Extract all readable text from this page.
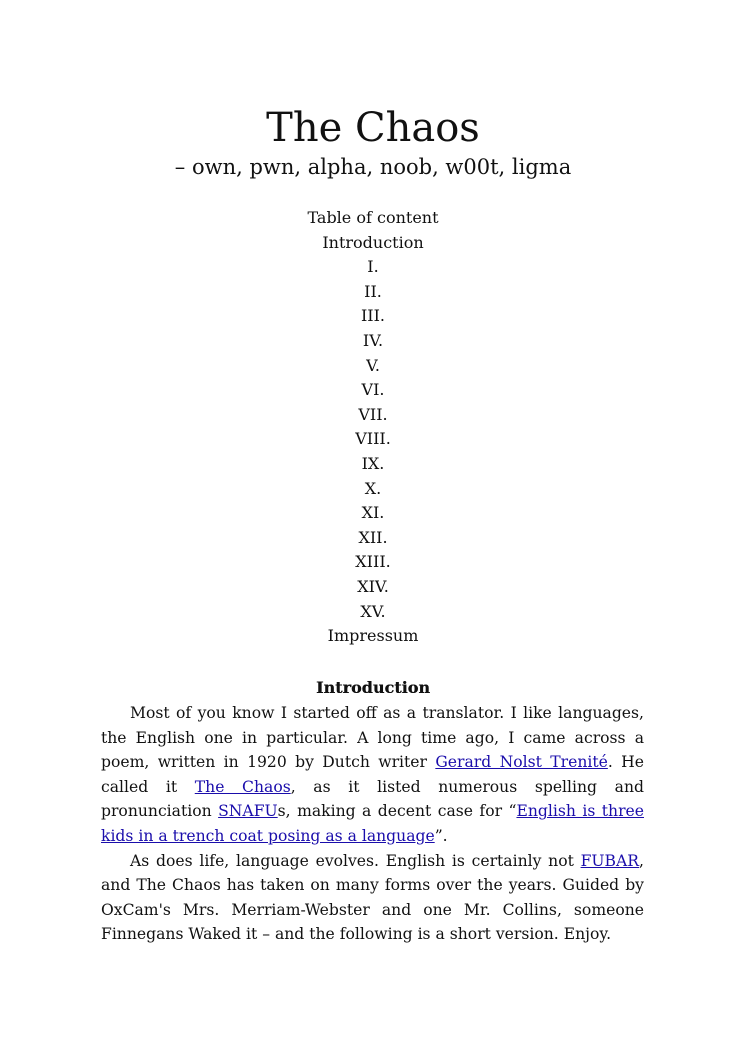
The Chaos
– own, pwn, alpha, noob, w00t, ligma
Table of content
Introduction
I.
II.
III.
IV.
V.
VI.
VII.
VIII.
IX.
X.
XI.
XII.
XIII.
XIV.
XV.
Impressum
Introduction

Most of you know I started off as a translator. I like languages, the English one in particular. A long time ago, I came across a poem, written in 1920 by Dutch writer Gerard Nolst Trenité. He called it The Chaos, as it listed numerous spelling and pronunciation SNAFUs, making a decent case for “English is three kids in a trench coat posing as a language”.

As does life, language evolves. English is certainly not FUBAR, and The Chaos has taken on many forms over the years. Guided by OxCam's Mrs. Merriam-Webster and one Mr. Collins, someone Finnegans Waked it – and the following is a short version. Enjoy.
